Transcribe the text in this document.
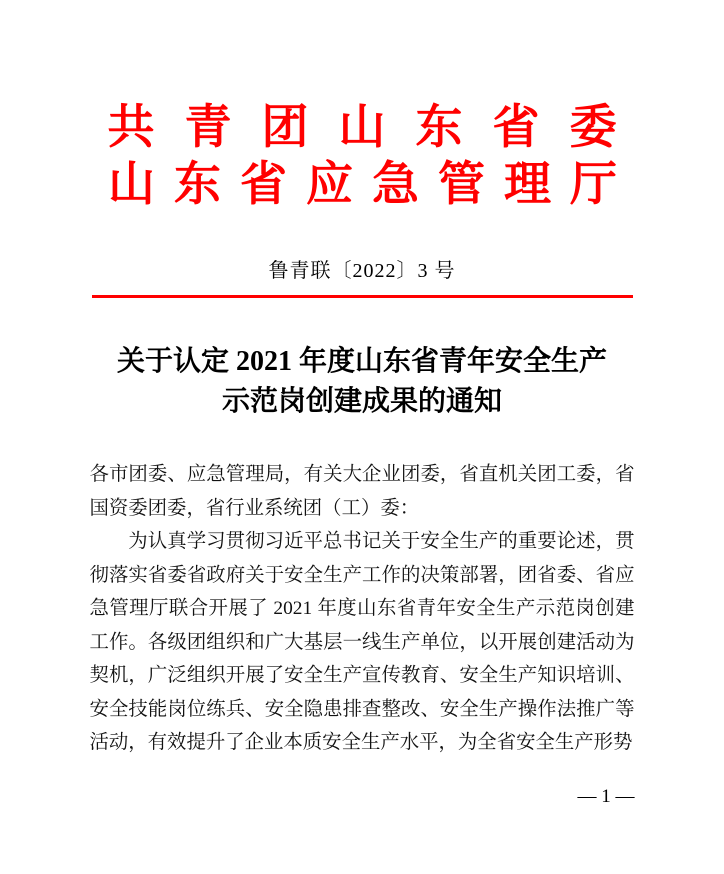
共青团山东省委
山东省应急管理厅
鲁青联〔2022〕3 号
关于认定 2021 年度山东省青年安全生产
示范岗创建成果的通知

各市团委、应急管理局，有关大企业团委，省直机关团工委，省国资委团委，省行业系统团（工）委：

为认真学习贯彻习近平总书记关于安全生产的重要论述，贯彻落实省委省政府关于安全生产工作的决策部署，团省委、省应急管理厅联合开展了 2021 年度山东省青年安全生产示范岗创建工作。各级团组织和广大基层一线生产单位，以开展创建活动为契机，广泛组织开展了安全生产宣传教育、安全生产知识培训、安全技能岗位练兵、安全隐患排查整改、安全生产操作法推广等活动，有效提升了企业本质安全生产水平，为全省安全生产形势

— 1 —
